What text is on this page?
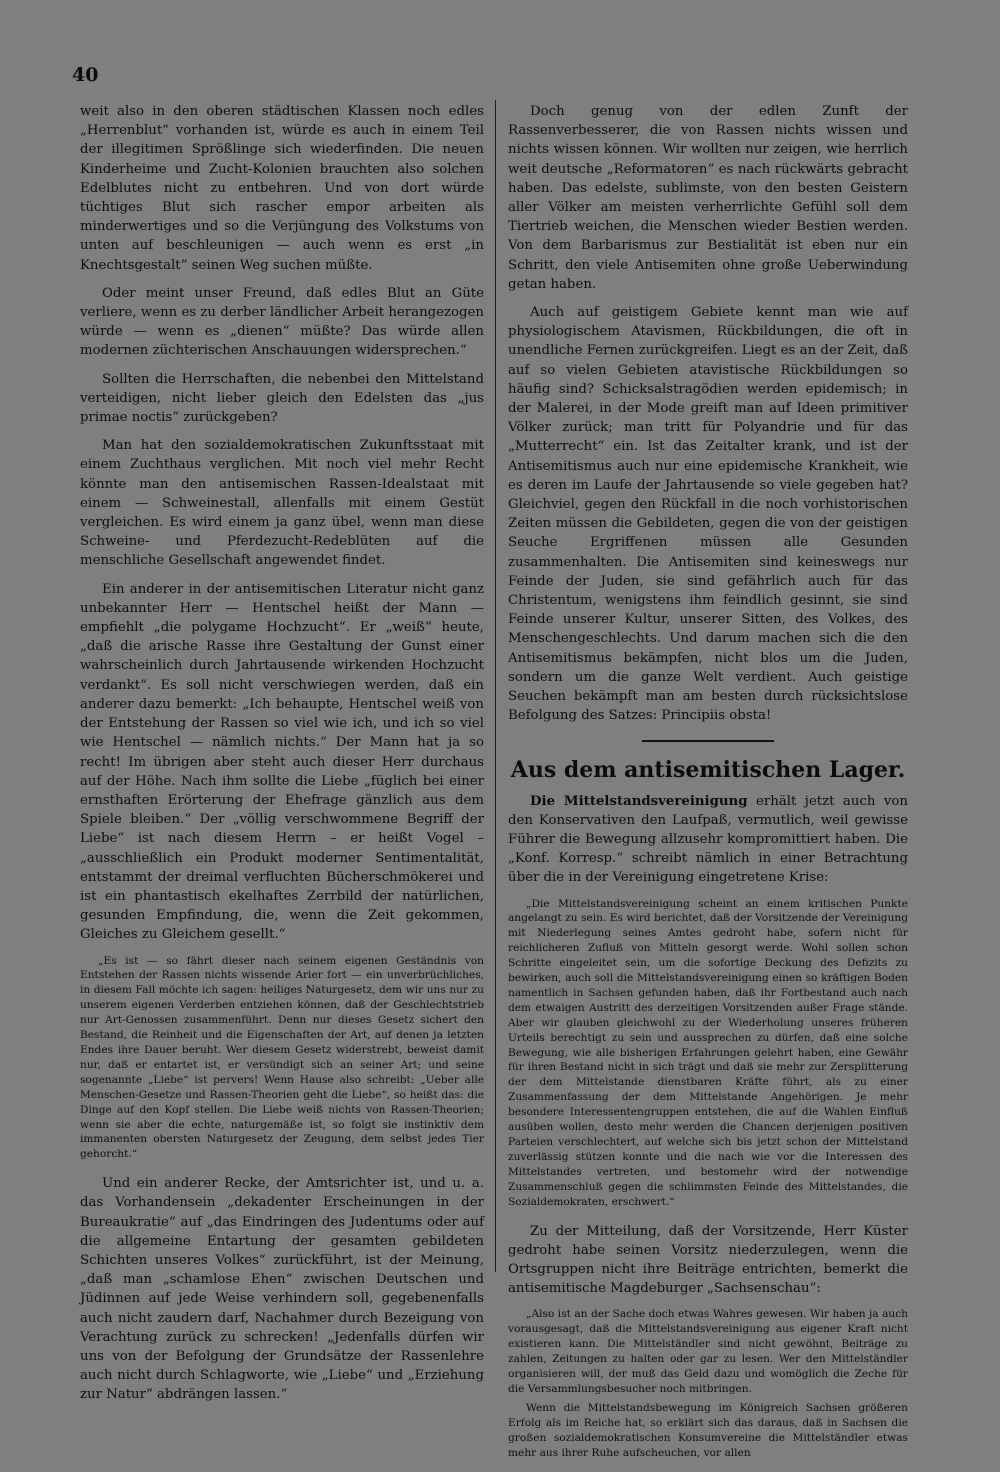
40

weit also in den oberen städtischen Klassen noch edles „Herrenblut“ vorhanden ist, würde es auch in einem Teil der illegitimen Sprößlinge sich wiederfinden. Die neuen Kinderheime und Zucht-Kolonien brauchten also solchen Edelblutes nicht zu entbehren. Und von dort würde tüchtiges Blut sich rascher empor arbeiten als minderwertiges und so die Verjüngung des Volkstums von unten auf beschleunigen — auch wenn es erst „in Knechtsgestalt“ seinen Weg suchen müßte.

Oder meint unser Freund, daß edles Blut an Güte verliere, wenn es zu derber ländlicher Arbeit herangezogen würde — wenn es „dienen“ müßte? Das würde allen modernen züchterischen Anschauungen widersprechen.“

Sollten die Herrschaften, die nebenbei den Mittelstand verteidigen, nicht lieber gleich den Edelsten das „jus primae noctis“ zurückgeben?

Man hat den sozialdemokratischen Zukunftsstaat mit einem Zuchthaus verglichen. Mit noch viel mehr Recht könnte man den antisemischen Rassen-Idealstaat mit einem — Schweinestall, allenfalls mit einem Gestüt vergleichen. Es wird einem ja ganz übel, wenn man diese Schweine- und Pferdezucht-Redeblüten auf die menschliche Gesellschaft angewendet findet.

Ein anderer in der antisemitischen Literatur nicht ganz unbekannter Herr — Hentschel heißt der Mann — empfiehlt „die polygame Hochzucht“. Er „weiß“ heute, „daß die arische Rasse ihre Gestaltung der Gunst einer wahrscheinlich durch Jahrtausende wirkenden Hochzucht verdankt“. Es soll nicht verschwiegen werden, daß ein anderer dazu bemerkt: „Ich behaupte, Hentschel weiß von der Entstehung der Rassen so viel wie ich, und ich so viel wie Hentschel — nämlich nichts.“ Der Mann hat ja so recht! Im übrigen aber steht auch dieser Herr durchaus auf der Höhe. Nach ihm sollte die Liebe „füglich bei einer ernsthaften Erörterung der Ehefrage gänzlich aus dem Spiele bleiben.“ Der „völlig verschwommene Begriff der Liebe“ ist nach diesem Herrn – er heißt Vogel – „ausschließlich ein Produkt moderner Sentimentalität, entstammt der dreimal verfluchten Bücherschmökerei und ist ein phantastisch ekelhaftes Zerrbild der natürlichen, gesunden Empfindung, die, wenn die Zeit gekommen, Gleiches zu Gleichem gesellt.“

„Es ist — so fährt dieser nach seinem eigenen Geständnis von Entstehen der Rassen nichts wissende Arier fort — ein unverbrüchliches, in diesem Fall möchte ich sagen: heiliges Naturgesetz, dem wir uns nur zu unserem eigenen Verderben entziehen können, daß der Geschlechtstrieb nur Art-Genossen zusammenführt. Denn nur dieses Gesetz sichert den Bestand, die Reinheit und die Eigenschaften der Art, auf denen ja letzten Endes ihre Dauer beruht. Wer diesem Gesetz widerstrebt, beweist damit nur, daß er entartet ist, er versündigt sich an seiner Art; und seine sogenannte „Liebe“ ist pervers! Wenn Hause also schreibt: „Ueber alle Menschen-Gesetze und Rassen-Theorien geht die Liebe“, so heißt das: die Dinge auf den Kopf stellen. Die Liebe weiß nichts von Rassen-Theorien; wenn sie aber die echte, naturgemäße ist, so folgt sie instinktiv dem immanenten obersten Naturgesetz der Zeugung, dem selbst jedes Tier gehorcht.“

Und ein anderer Recke, der Amtsrichter ist, und u. a. das Vorhandensein „dekadenter Erscheinungen in der Bureaukratie“ auf „das Eindringen des Judentums oder auf die allgemeine Entartung der gesamten gebildeten Schichten unseres Volkes“ zurückführt, ist der Meinung, „daß man „schamlose Ehen“ zwischen Deutschen und Jüdinnen auf jede Weise verhindern soll, gegebenenfalls auch nicht zaudern darf, Nachahmer durch Bezeigung von Verachtung zurück zu schrecken! „Jedenfalls dürfen wir uns von der Befolgung der Grundsätze der Rassenlehre auch nicht durch Schlagworte, wie „Liebe“ und „Erziehung zur Natur“ abdrängen lassen.“

Doch genug von der edlen Zunft der Rassenverbesserer, die von Rassen nichts wissen und nichts wissen können. Wir wollten nur zeigen, wie herrlich weit deutsche „Reformatoren“ es nach rückwärts gebracht haben. Das edelste, sublimste, von den besten Geistern aller Völker am meisten verherrlichte Gefühl soll dem Tiertrieb weichen, die Menschen wieder Bestien werden. Von dem Barbarismus zur Bestialität ist eben nur ein Schritt, den viele Antisemiten ohne große Ueberwindung getan haben.

Auch auf geistigem Gebiete kennt man wie auf physiologischem Atavismen, Rückbildungen, die oft in unendliche Fernen zurückgreifen. Liegt es an der Zeit, daß auf so vielen Gebieten atavistische Rückbildungen so häufig sind? Schicksalstragödien werden epidemisch; in der Malerei, in der Mode greift man auf Ideen primitiver Völker zurück; man tritt für Polyandrie und für das „Mutterrecht“ ein. Ist das Zeitalter krank, und ist der Antisemitismus auch nur eine epidemische Krankheit, wie es deren im Laufe der Jahrtausende so viele gegeben hat? Gleichviel, gegen den Rückfall in die noch vorhistorischen Zeiten müssen die Gebildeten, gegen die von der geistigen Seuche Ergriffenen müssen alle Gesunden zusammenhalten. Die Antisemiten sind keineswegs nur Feinde der Juden, sie sind gefährlich auch für das Christentum, wenigstens ihm feindlich gesinnt, sie sind Feinde unserer Kultur, unserer Sitten, des Volkes, des Menschengeschlechts. Und darum machen sich die den Antisemitismus bekämpfen, nicht blos um die Juden, sondern um die ganze Welt verdient. Auch geistige Seuchen bekämpft man am besten durch rücksichtslose Befolgung des Satzes: Principiis obsta!

Aus dem antisemitischen Lager.

Die Mittelstandsvereinigung erhält jetzt auch von den Konservativen den Laufpaß, vermutlich, weil gewisse Führer die Bewegung allzusehr kompromittiert haben. Die „Konf. Korresp.“ schreibt nämlich in einer Betrachtung über die in der Vereinigung eingetretene Krise:

„Die Mittelstandsvereinigung scheint an einem kritischen Punkte angelangt zu sein. Es wird berichtet, daß der Vorsitzende der Vereinigung mit Niederlegung seines Amtes gedroht habe, sofern nicht für reichlicheren Zufluß von Mitteln gesorgt werde. Wohl sollen schon Schritte eingeleitet sein, um die sofortige Deckung des Defizits zu bewirken, auch soll die Mittelstandsvereinigung einen so kräftigen Boden namentlich in Sachsen gefunden haben, daß ihr Fortbestand auch nach dem etwaigen Austritt des derzeitigen Vorsitzenden außer Frage stände. Aber wir glauben gleichwohl zu der Wiederholung unseres früheren Urteils berechtigt zu sein und aussprechen zu dürfen, daß eine solche Bewegung, wie alle bisherigen Erfahrungen gelehrt haben, eine Gewähr für ihren Bestand nicht in sich trägt und daß sie mehr zur Zersplitterung der dem Mittelstande dienstbaren Kräfte führt, als zu einer Zusammenfassung der dem Mittelstande Angehörigen. Je mehr besondere Interessentengruppen entstehen, die auf die Wahlen Einfluß ausüben wollen, desto mehr werden die Chancen derjenigen positiven Parteien verschlechtert, auf welche sich bis jetzt schon der Mittelstand zuverlässig stützen konnte und die nach wie vor die Interessen des Mittelstandes vertreten, und bestomehr wird der notwendige Zusammenschluß gegen die schlimmsten Feinde des Mittelstandes, die Sozialdemokraten, erschwert.“

Zu der Mitteilung, daß der Vorsitzende, Herr Küster gedroht habe seinen Vorsitz niederzulegen, wenn die Ortsgruppen nicht ihre Beiträge entrichten, bemerkt die antisemitische Magdeburger „Sachsenschau“:

„Also ist an der Sache doch etwas Wahres gewesen. Wir haben ja auch vorausgesagt, daß die Mittelstandsvereinigung aus eigener Kraft nicht existieren kann. Die Mittelständler sind nicht gewöhnt, Beiträge zu zahlen, Zeitungen zu halten oder gar zu lesen. Wer den Mittelständler organisieren will, der muß das Geld dazu und womöglich die Zeche für die Versammlungsbesucher noch mitbringen.

Wenn die Mittelstandsbewegung im Königreich Sachsen größeren Erfolg als im Reiche hat, so erklärt sich das daraus, daß in Sachsen die großen sozialdemokratischen Konsumvereine die Mittelständler etwas mehr aus ihrer Ruhe aufscheuchen, vor allen
